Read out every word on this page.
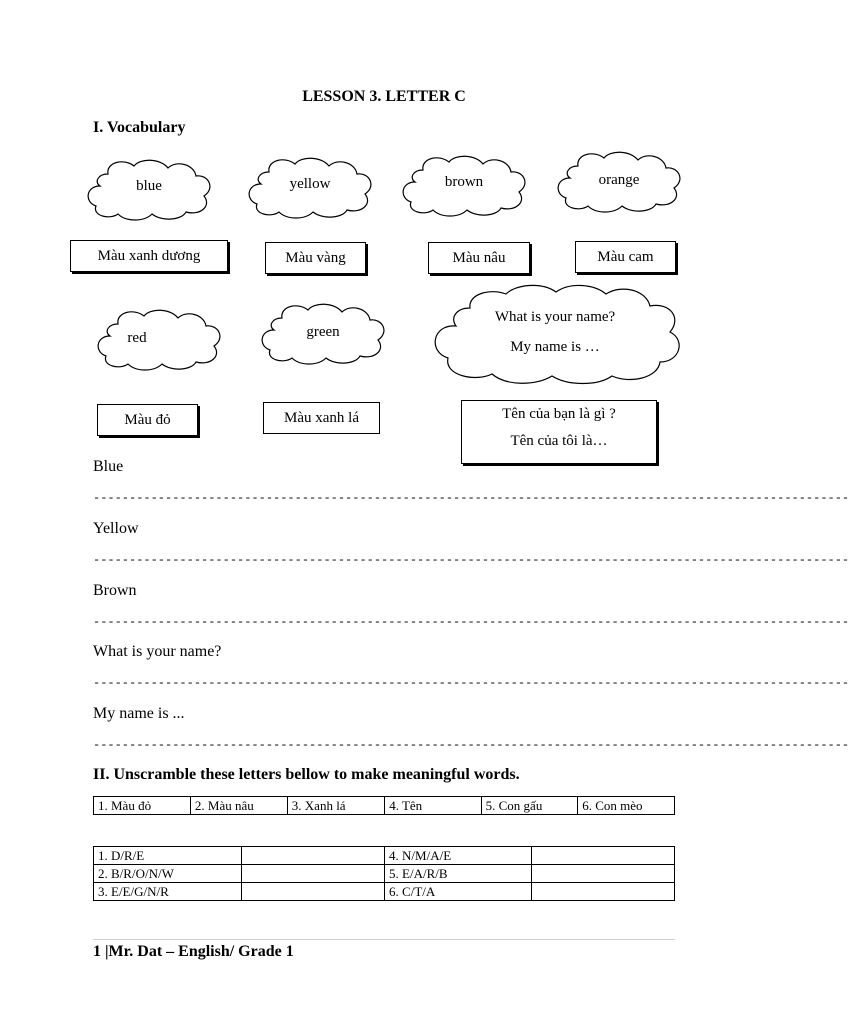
LESSON 3. LETTER C
I. Vocabulary
blue	yellow	brown	orange
Màu xanh dương	Màu vàng	Màu nâu	Màu cam
red	green
What is your name?
My name is …
Màu đỏ	Màu xanh lá	Tên của bạn là gì ?
Tên của tôi là…
Blue
---------------------------------------------------------------------------------------------------------
Yellow
---------------------------------------------------------------------------------------------------------
Brown
---------------------------------------------------------------------------------------------------------
What is your name?
---------------------------------------------------------------------------------------------------------
My name is ...
---------------------------------------------------------------------------------------------------------
II. Unscramble these letters bellow to make meaningful words.
1. Màu đỏ	2. Màu nâu	3. Xanh lá	4. Tên	5. Con gấu	6. Con mèo
1. D/R/E		4. N/M/A/E	
2. B/R/O/N/W		5. E/A/R/B	
3. E/E/G/N/R		6. C/T/A	
1 |Mr. Dat – English/ Grade 1
